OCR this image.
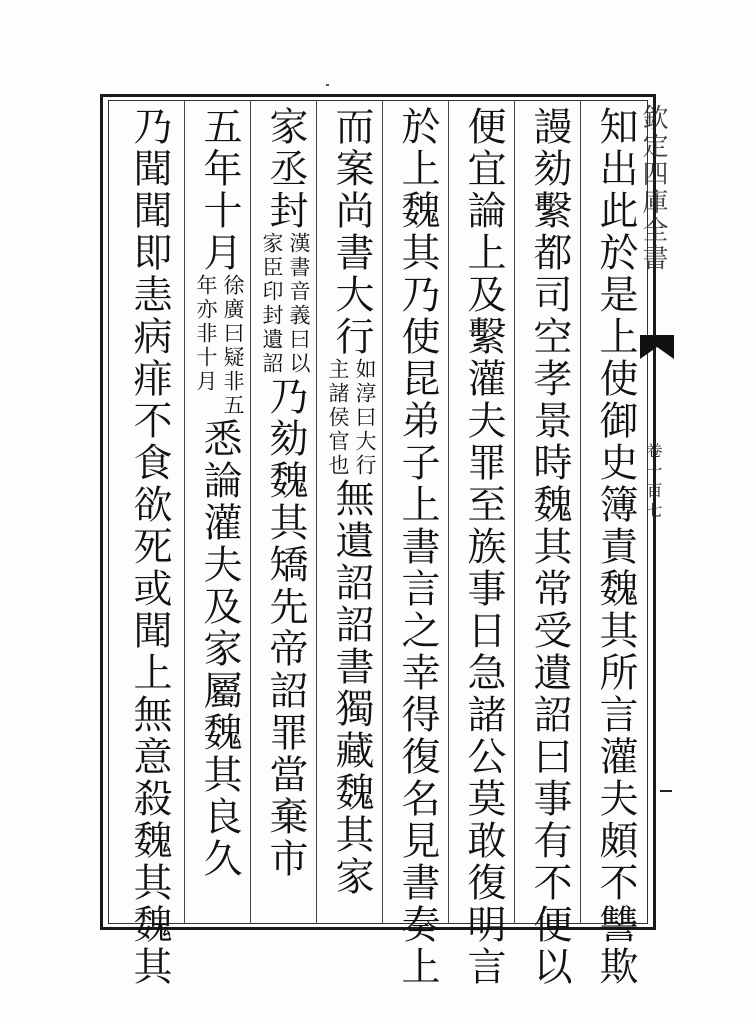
欽定四庫全書
卷一百七
知出此於是上使御史簿責魏其所言灌夫頗不讐欺
謾劾繫都司空孝景時魏其常受遺詔曰事有不便以
便宜論上及繫灌夫罪至族事日急諸公莫敢復明言
於上魏其乃使昆弟子上書言之幸得復名見書奏上
而案尚書大行
如淳曰大行
主諸侯官也
無遺詔詔書獨藏魏其家
家丞封
漢書音義曰以
家臣印封遺詔
乃劾魏其矯先帝詔罪當棄市
五年十月
徐廣曰疑非五
年亦非十月
悉論灌夫及家屬魏其良久
乃聞聞即恚病痱不食欲死或聞上無意殺魏其魏其
